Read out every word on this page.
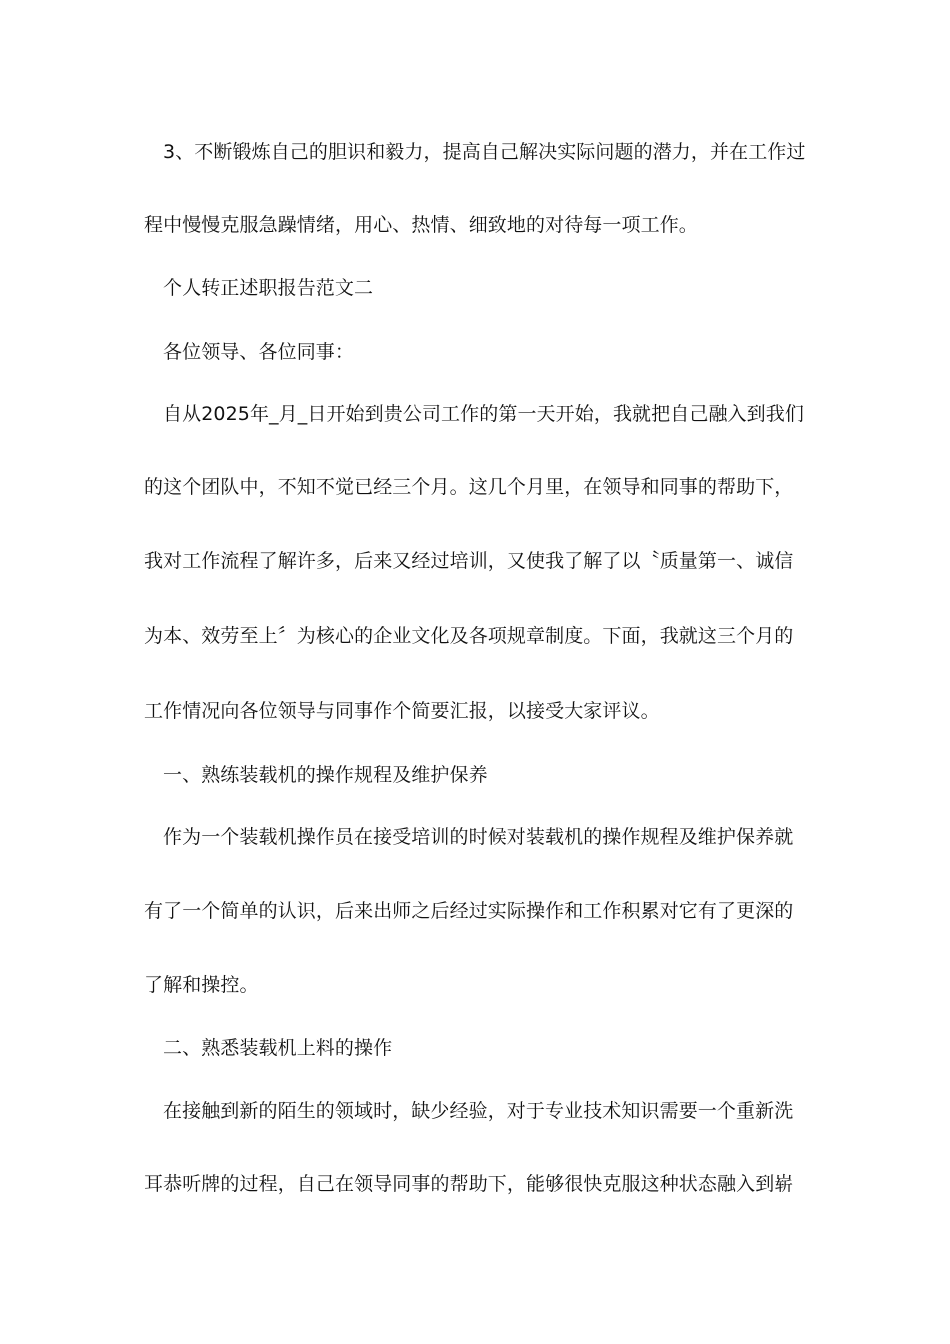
3、不断锻炼自己的胆识和毅力，提高自己解决实际问题的潜力，并在工作过
程中慢慢克服急躁情绪，用心、热情、细致地的对待每一项工作。
个人转正述职报告范文二
各位领导、各位同事：
自从2025年_月_日开始到贵公司工作的第一天开始，我就把自己融入到我们
的这个团队中，不知不觉已经三个月。这几个月里，在领导和同事的帮助下，
我对工作流程了解许多，后来又经过培训，又使我了解了以〝质量第一、诚信
为本、效劳至上〞为核心的企业文化及各项规章制度。下面，我就这三个月的
工作情况向各位领导与同事作个简要汇报，以接受大家评议。
一、熟练装载机的操作规程及维护保养
作为一个装载机操作员在接受培训的时候对装载机的操作规程及维护保养就
有了一个简单的认识，后来出师之后经过实际操作和工作积累对它有了更深的
了解和操控。
二、熟悉装载机上料的操作
在接触到新的陌生的领域时，缺少经验，对于专业技术知识需要一个重新洗
耳恭听牌的过程，自己在领导同事的帮助下，能够很快克服这种状态融入到崭
